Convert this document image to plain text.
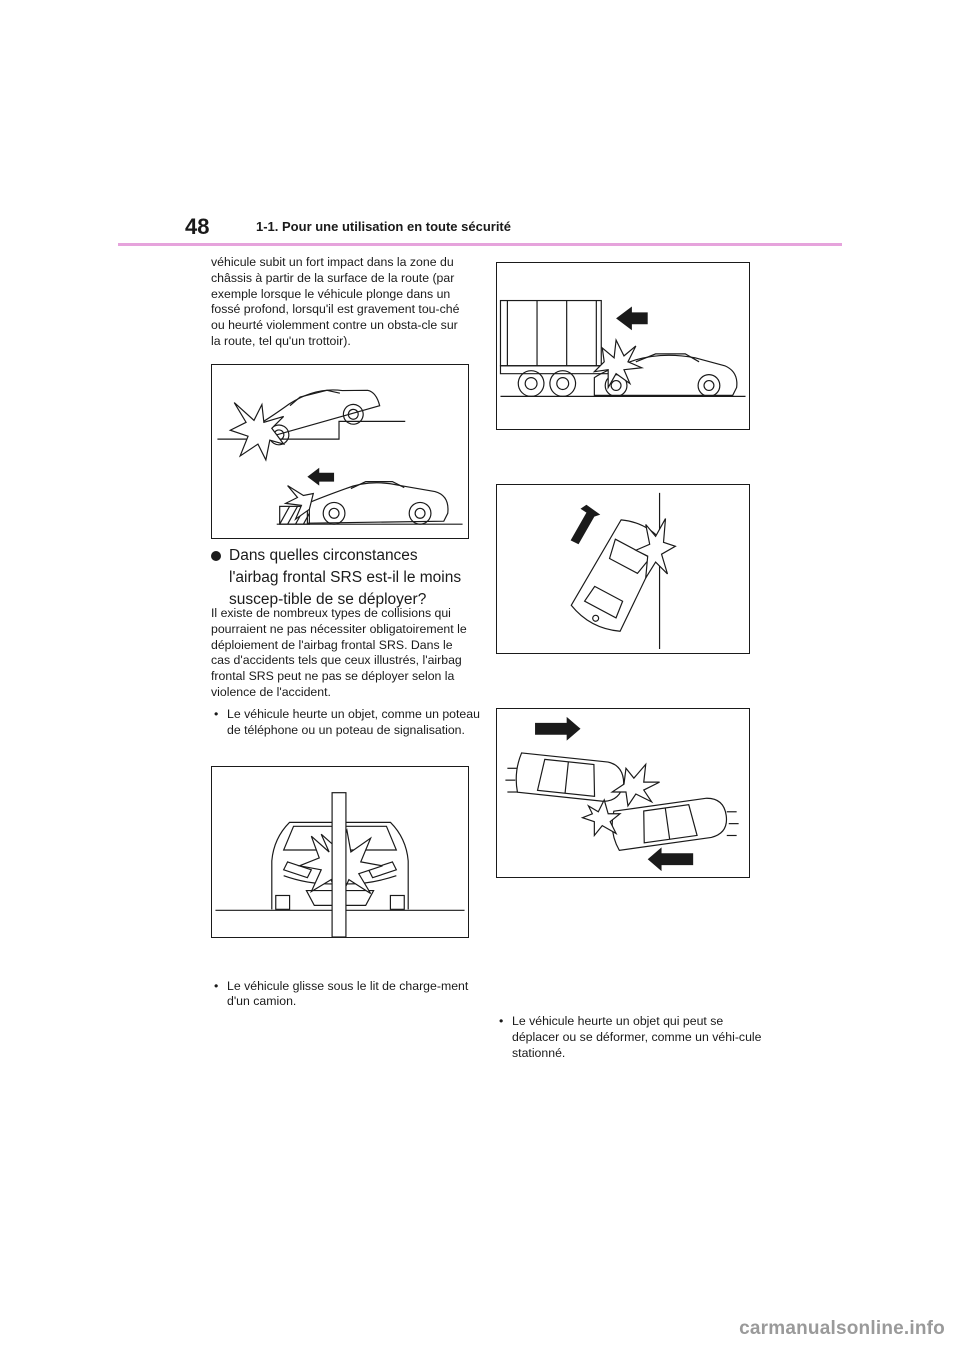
48	1-1. Pour une utilisation en toute sécurité

véhicule subit un fort impact dans la zone du châssis à partir de la surface de la route (par exemple lorsque le véhicule plonge dans un fossé profond, lorsqu'il est gravement tou-ché ou heurté violemment contre un obsta-cle sur la route, tel qu'un trottoir).

Dans quelles circonstances l'airbag frontal SRS est-il le moins suscep-tible de se déployer?

Il existe de nombreux types de collisions qui pourraient ne pas nécessiter obligatoirement le déploiement de l'airbag frontal SRS. Dans le cas d'accidents tels que ceux illustrés, l'airbag frontal SRS peut ne pas se déployer selon la violence de l'accident.

• Le véhicule heurte un objet, comme un poteau de téléphone ou un poteau de signalisation.

• Le véhicule glisse sous le lit de charge-ment d'un camion.

•

•

• Le véhicule heurte un objet qui peut se déplacer ou se déformer, comme un véhi-cule stationné.

carmanualsonline.info
